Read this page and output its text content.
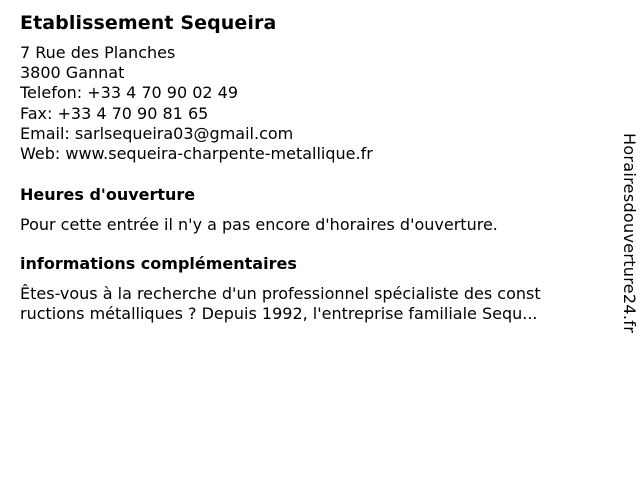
Etablissement Sequeira
7 Rue des Planches
3800 Gannat
Telefon: +33 4 70 90 02 49
Fax: +33 4 70 90 81 65
Email: sarlsequeira03@gmail.com
Web: www.sequeira-charpente-metallique.fr
Heures d'ouverture
Pour cette entrée il n'y a pas encore d'horaires d'ouverture.
informations complémentaires
Êtes-vous à la recherche d'un professionnel spécialiste des const
ructions métalliques ? Depuis 1992, l'entreprise familiale Sequ...	Horairesdouverture24.fr
